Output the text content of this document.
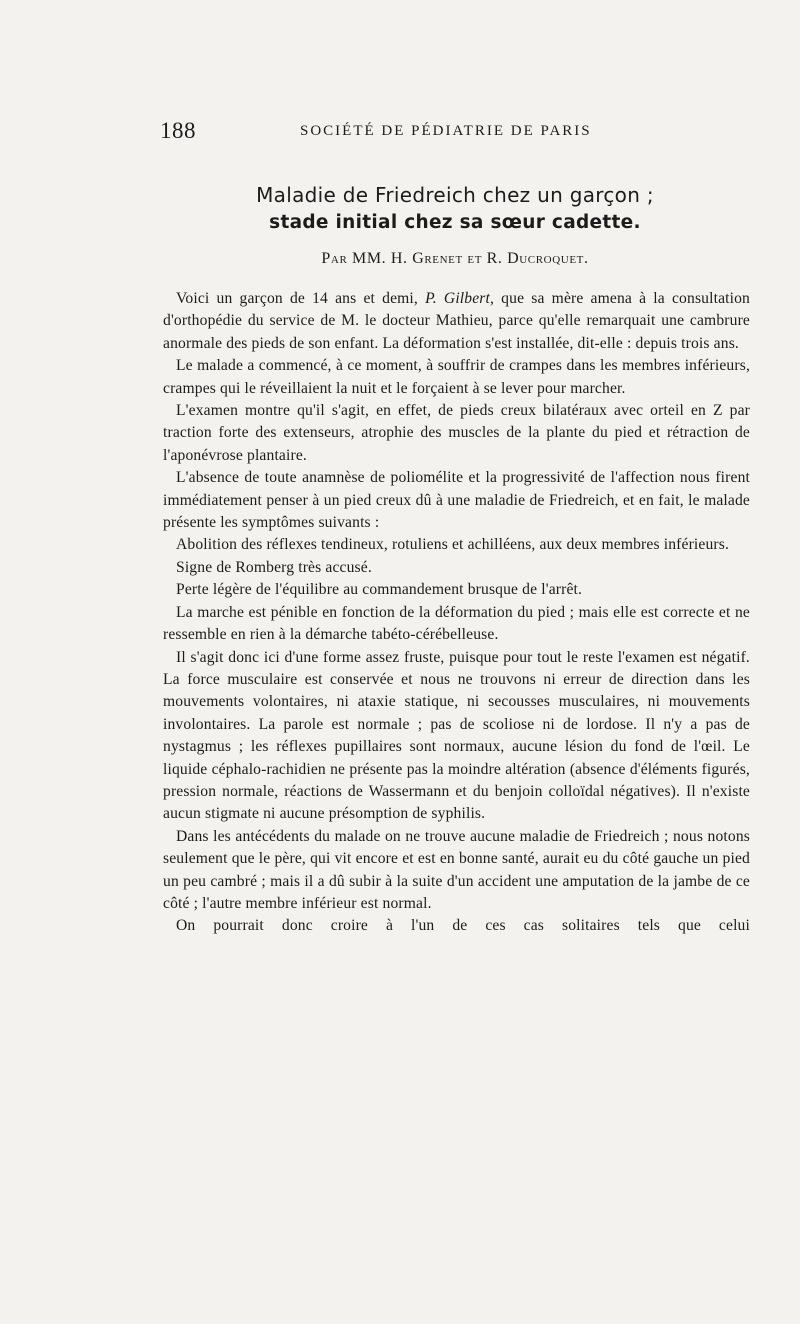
188	SOCIÉTÉ DE PÉDIATRIE DE PARIS
Maladie de Friedreich chez un garçon ;
stade initial chez sa sœur cadette.
Par MM. H. Grenet et R. Ducroquet.

Voici un garçon de 14 ans et demi, P. Gilbert, que sa mère amena à la consultation d'orthopédie du service de M. le docteur Mathieu, parce qu'elle remarquait une cambrure anormale des pieds de son enfant. La déformation s'est installée, dit-elle : depuis trois ans.

Le malade a commencé, à ce moment, à souffrir de crampes dans les membres inférieurs, crampes qui le réveillaient la nuit et le forçaient à se lever pour marcher.

L'examen montre qu'il s'agit, en effet, de pieds creux bilatéraux avec orteil en Z par traction forte des extenseurs, atrophie des muscles de la plante du pied et rétraction de l'aponévrose plantaire.

L'absence de toute anamnèse de poliomélite et la progressivité de l'affection nous firent immédiatement penser à un pied creux dû à une maladie de Friedreich, et en fait, le malade présente les symptômes suivants :

Abolition des réflexes tendineux, rotuliens et achilléens, aux deux membres inférieurs.

Signe de Romberg très accusé.

Perte légère de l'équilibre au commandement brusque de l'arrêt.

La marche est pénible en fonction de la déformation du pied ; mais elle est correcte et ne ressemble en rien à la démarche tabéto-cérébelleuse.

Il s'agit donc ici d'une forme assez fruste, puisque pour tout le reste l'examen est négatif. La force musculaire est conservée et nous ne trouvons ni erreur de direction dans les mouvements volontaires, ni ataxie statique, ni secousses musculaires, ni mouvements involontaires. La parole est normale ; pas de scoliose ni de lordose. Il n'y a pas de nystagmus ; les réflexes pupillaires sont normaux, aucune lésion du fond de l'œil. Le liquide céphalo-rachidien ne présente pas la moindre altération (absence d'éléments figurés, pression normale, réactions de Wassermann et du benjoin colloïdal négatives). Il n'existe aucun stigmate ni aucune présomption de syphilis.

Dans les antécédents du malade on ne trouve aucune maladie de Friedreich ; nous notons seulement que le père, qui vit encore et est en bonne santé, aurait eu du côté gauche un pied un peu cambré ; mais il a dû subir à la suite d'un accident une amputation de la jambe de ce côté ; l'autre membre inférieur est normal.

On pourrait donc croire à l'un de ces cas solitaires tels que celui
